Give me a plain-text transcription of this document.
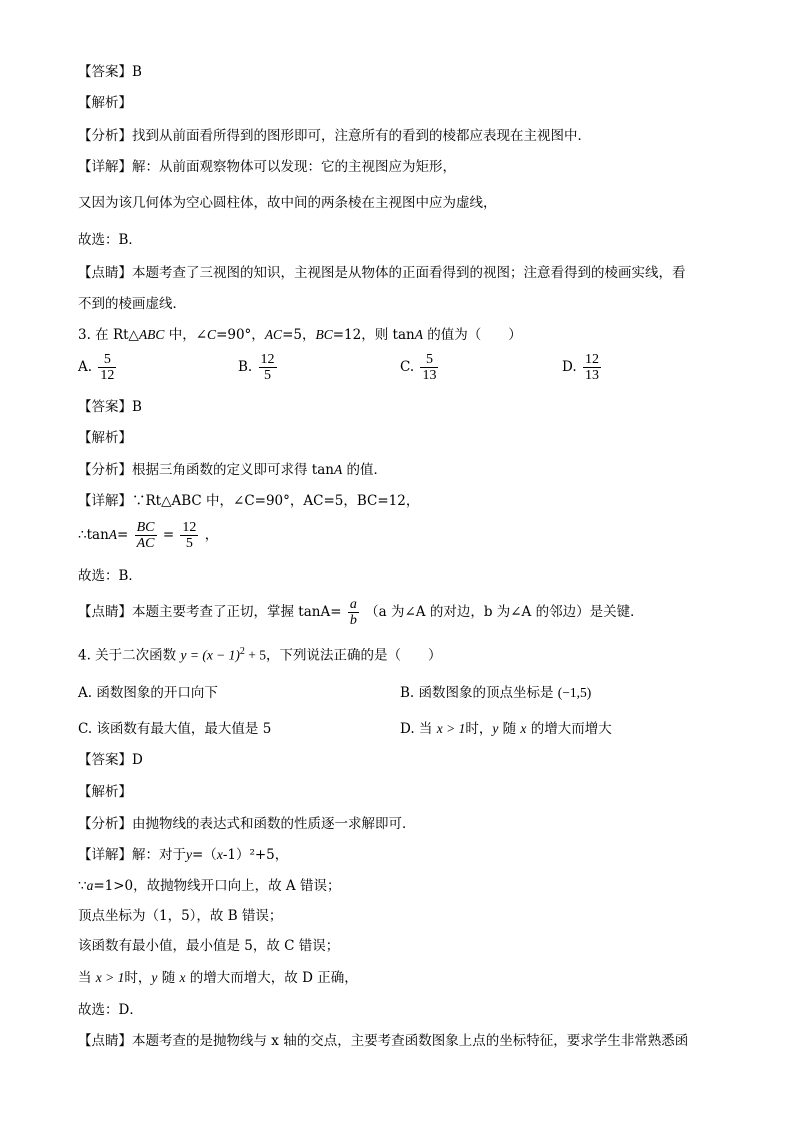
【答案】B
【解析】
【分析】找到从前面看所得到的图形即可，注意所有的看到的棱都应表现在主视图中．
【详解】解：从前面观察物体可以发现：它的主视图应为矩形，
又因为该几何体为空心圆柱体，故中间的两条棱在主视图中应为虚线，
故选：B．
【点睛】本题考查了三视图的知识，主视图是从物体的正面看得到的视图；注意看得到的棱画实线，看
不到的棱画虚线．
3. 在 Rt△ABC 中，∠C=90°，AC=5，BC=12，则 tanA 的值为（　　）
A. $\frac{5}{12}$	B. $\frac{12}{5}$	C. $\frac{5}{13}$	D. $\frac{12}{13}$
【答案】B
【解析】
【分析】根据三角函数的定义即可求得 tanA 的值．
【详解】∵Rt△ABC 中，∠C=90°，AC=5，BC=12，
∴tanA= $\frac{BC}{AC} = \frac{12}{5}$ ，
故选：B．
【点睛】本题主要考查了正切，掌握 $\tan A= \frac{a}{b} (a$ 为∠A 的对边，b 为∠A 的邻边）是关键．
4. 关于二次函数 $y = (x - 1)^2 + 5$，下列说法正确的是（　　）
A. 函数图象的开口向下	B. 函数图象的顶点坐标是 (−1,5)
C. 该函数有最大值，最大值是 5	D. 当 x > 1时，y 随 x 的增大而增大
【答案】D
【解析】
【分析】由抛物线的表达式和函数的性质逐一求解即可．
【详解】解：对于y=（x-1）²+5，
∵a=1>0，故抛物线开口向上，故 A 错误；
顶点坐标为（1，5），故 B 错误；
该函数有最小值，最小值是 5，故 C 错误；
当 x > 1时，y 随 x 的增大而增大，故 D 正确，
故选：D．
【点睛】本题考查的是抛物线与 x 轴的交点，主要考查函数图象上点的坐标特征，要求学生非常熟悉函
